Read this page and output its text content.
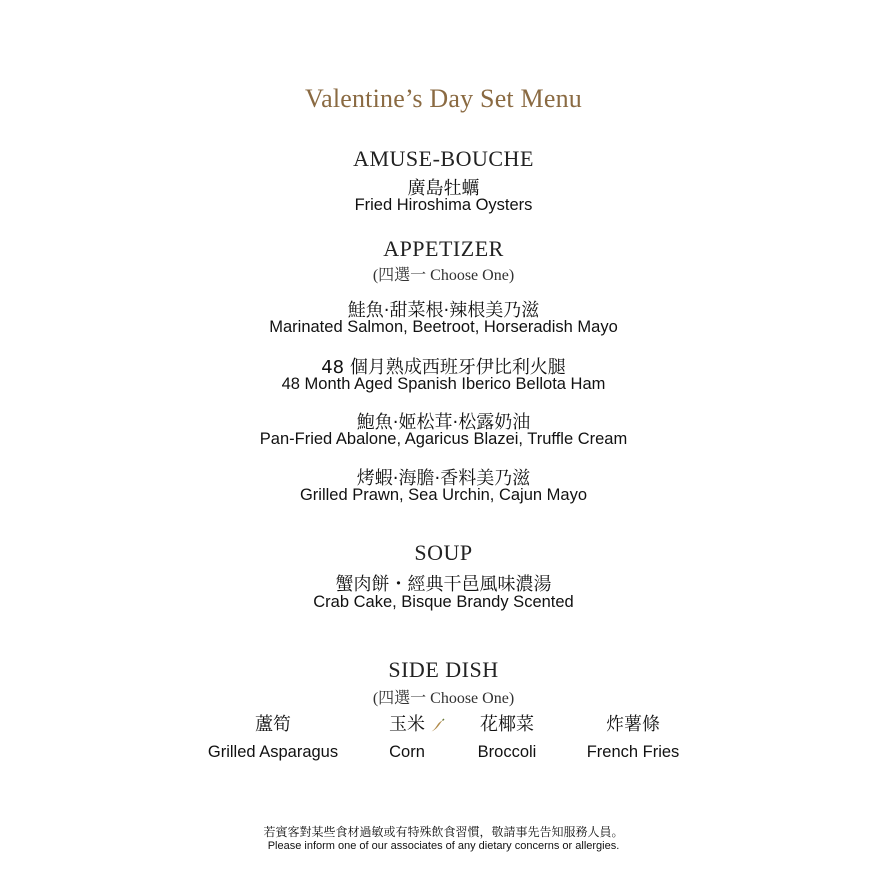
Valentine’s Day Set Menu
AMUSE-BOUCHE
廣島牡蠣
Fried Hiroshima Oysters
APPETIZER
(四選一 Choose One)
鮭魚·甜菜根·辣根美乃滋
Marinated Salmon, Beetroot, Horseradish Mayo
48 個月熟成西班牙伊比利火腿
48 Month Aged Spanish Iberico Bellota Ham
鮑魚·姬松茸·松露奶油
Pan-Fried Abalone, Agaricus Blazei, Truffle Cream
烤蝦·海膽·香料美乃滋
Grilled Prawn, Sea Urchin, Cajun Mayo
SOUP
蟹肉餅・經典干邑風味濃湯
Crab Cake, Bisque Brandy Scented
SIDE DISH
(四選一 Choose One)
蘆筍
Grilled Asparagus
玉米
Corn
花椰菜
Broccoli
炸薯條
French Fries
若賓客對某些食材過敏或有特殊飲食習慣，敬請事先告知服務人員。
Please inform one of our associates of any dietary concerns or allergies.
